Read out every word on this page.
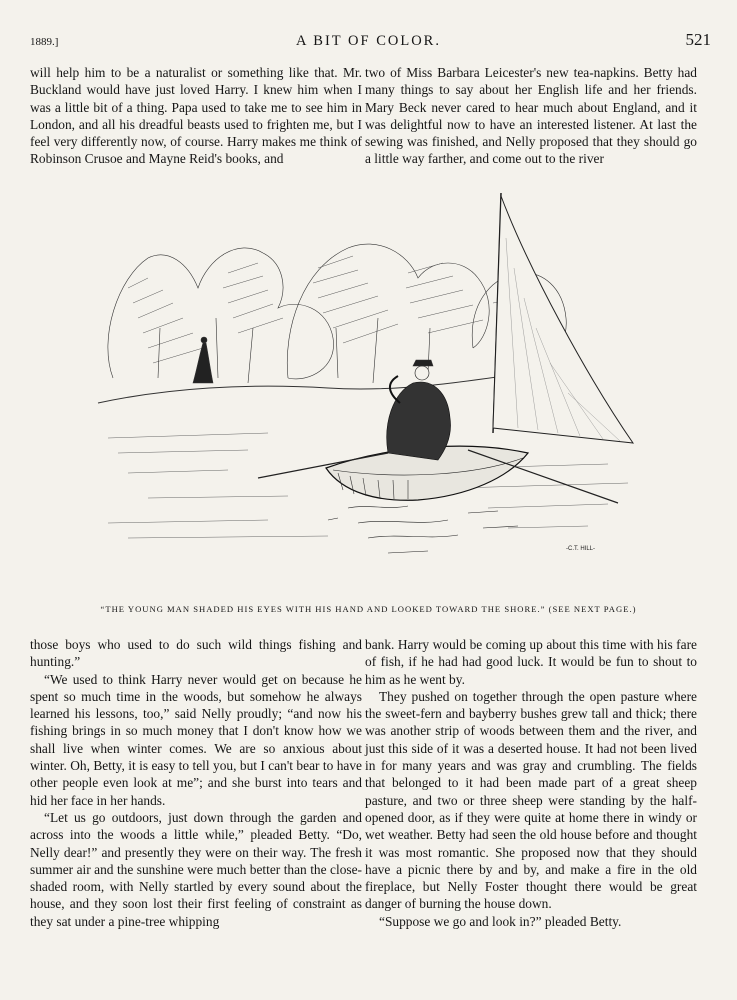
1889.]	A BIT OF COLOR.	521

will help him to be a naturalist or something like that. Mr. Buckland would have just loved Harry. I knew him when I was a little bit of a thing. Papa used to take me to see him in London, and all his dreadful beasts used to frighten me, but I feel very differently now, of course. Harry makes me think of Robinson Crusoe and Mayne Reid's books, and

two of Miss Barbara Leicester's new tea-napkins. Betty had many things to say about her English life and her friends. Mary Beck never cared to hear much about England, and it was delightful now to have an interested listener. At last the sewing was finished, and Nelly proposed that they should go a little way farther, and come out to the river

-C.T. HILL-
“THE YOUNG MAN SHADED HIS EYES WITH HIS HAND AND LOOKED TOWARD THE SHORE.” (SEE NEXT PAGE.)

those boys who used to do such wild things fishing and hunting.”

“We used to think Harry never would get on because he spent so much time in the woods, but somehow he always learned his lessons, too,” said Nelly proudly; “and now his fishing brings in so much money that I don't know how we shall live when winter comes. We are so anxious about winter. Oh, Betty, it is easy to tell you, but I can't bear to have other people even look at me”; and she burst into tears and hid her face in her hands.

“Let us go outdoors, just down through the garden and across into the woods a little while,” pleaded Betty. “Do, Nelly dear!” and presently they were on their way. The fresh summer air and the sunshine were much better than the close-shaded room, with Nelly startled by every sound about the house, and they soon lost their first feeling of constraint as they sat under a pine-tree whipping

bank. Harry would be coming up about this time with his fare of fish, if he had had good luck. It would be fun to shout to him as he went by.

They pushed on together through the open pasture where the sweet-fern and bayberry bushes grew tall and thick; there was another strip of woods between them and the river, and just this side of it was a deserted house. It had not been lived in for many years and was gray and crumbling. The fields that belonged to it had been made part of a great sheep pasture, and two or three sheep were standing by the half-opened door, as if they were quite at home there in windy or wet weather. Betty had seen the old house before and thought it was most romantic. She proposed now that they should have a picnic there by and by, and make a fire in the old fireplace, but Nelly Foster thought there would be great danger of burning the house down.

“Suppose we go and look in?” pleaded Betty.
